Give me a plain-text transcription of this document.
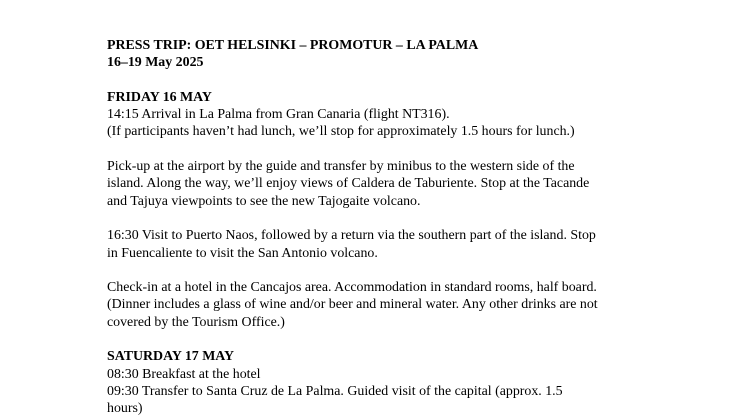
PRESS TRIP: OET HELSINKI – PROMOTUR – LA PALMA
16–19 May 2025
FRIDAY 16 MAY
14:15 Arrival in La Palma from Gran Canaria (flight NT316).
(If participants haven’t had lunch, we’ll stop for approximately 1.5 hours for lunch.)
Pick-up at the airport by the guide and transfer by minibus to the western side of the
island. Along the way, we’ll enjoy views of Caldera de Taburiente. Stop at the Tacande
and Tajuya viewpoints to see the new Tajogaite volcano.
16:30 Visit to Puerto Naos, followed by a return via the southern part of the island. Stop
in Fuencaliente to visit the San Antonio volcano.
Check-in at a hotel in the Cancajos area. Accommodation in standard rooms, half board.
(Dinner includes a glass of wine and/or beer and mineral water. Any other drinks are not
covered by the Tourism Office.)
SATURDAY 17 MAY
08:30 Breakfast at the hotel
09:30 Transfer to Santa Cruz de La Palma. Guided visit of the capital (approx. 1.5
hours)
